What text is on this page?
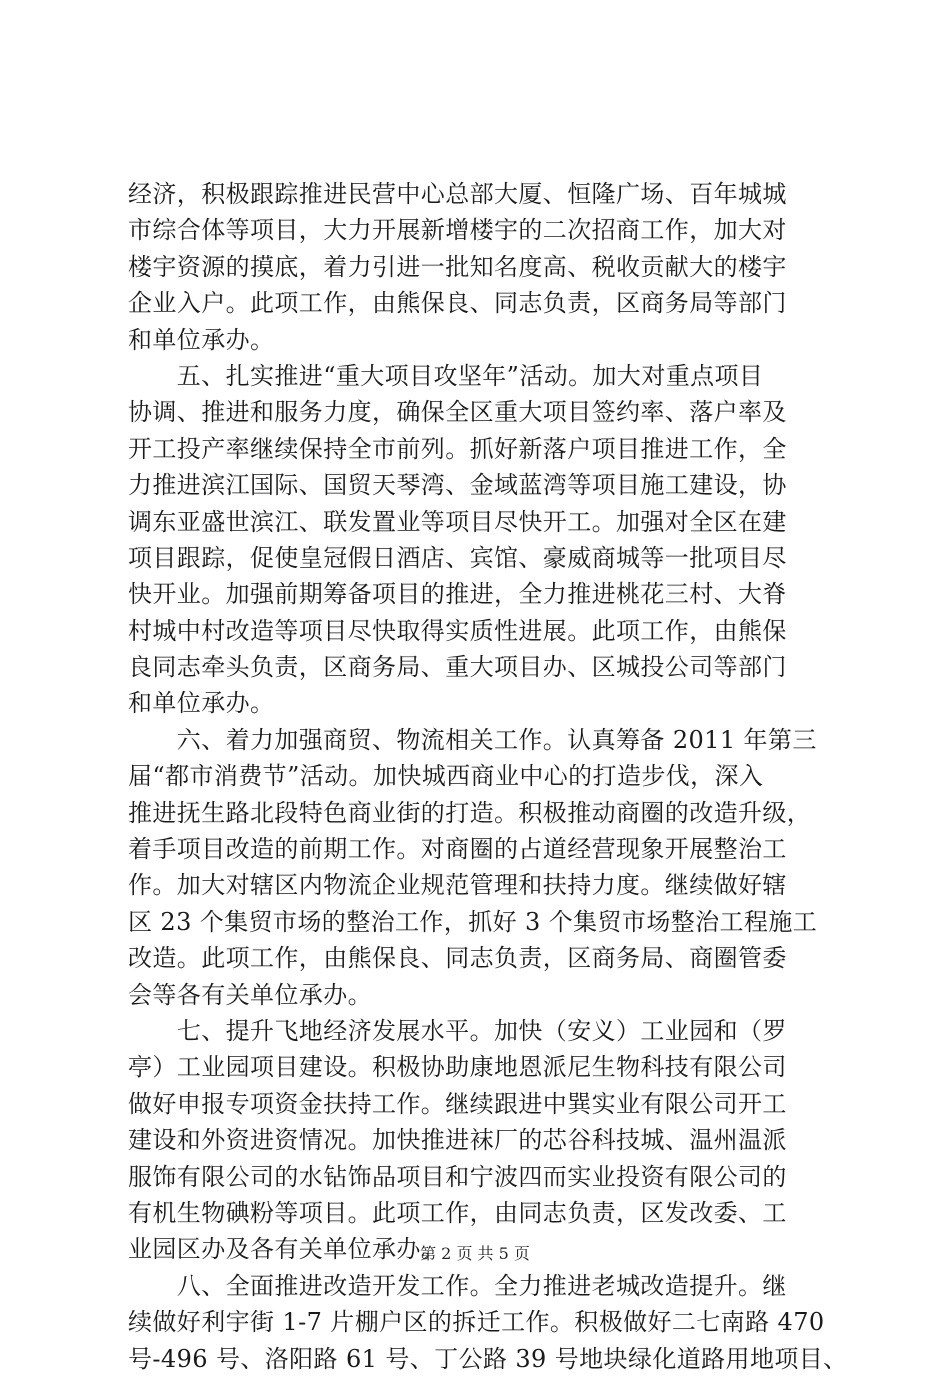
经济，积极跟踪推进民营中心总部大厦、恒隆广场、百年城城
市综合体等项目，大力开展新增楼宇的二次招商工作，加大对
楼宇资源的摸底，着力引进一批知名度高、税收贡献大的楼宇
企业入户。此项工作，由熊保良、同志负责，区商务局等部门
和单位承办。
　　五、扎实推进“重大项目攻坚年”活动。加大对重点项目
协调、推进和服务力度，确保全区重大项目签约率、落户率及
开工投产率继续保持全市前列。抓好新落户项目推进工作，全
力推进滨江国际、国贸天琴湾、金域蓝湾等项目施工建设，协
调东亚盛世滨江、联发置业等项目尽快开工。加强对全区在建
项目跟踪，促使皇冠假日酒店、宾馆、豪威商城等一批项目尽
快开业。加强前期筹备项目的推进，全力推进桃花三村、大脊
村城中村改造等项目尽快取得实质性进展。此项工作，由熊保
良同志牵头负责，区商务局、重大项目办、区城投公司等部门
和单位承办。
　　六、着力加强商贸、物流相关工作。认真筹备 2011 年第三
届“都市消费节”活动。加快城西商业中心的打造步伐，深入
推进抚生路北段特色商业街的打造。积极推动商圈的改造升级，
着手项目改造的前期工作。对商圈的占道经营现象开展整治工
作。加大对辖区内物流企业规范管理和扶持力度。继续做好辖
区 23 个集贸市场的整治工作，抓好 3 个集贸市场整治工程施工
改造。此项工作，由熊保良、同志负责，区商务局、商圈管委
会等各有关单位承办。
　　七、提升飞地经济发展水平。加快（安义）工业园和（罗
亭）工业园项目建设。积极协助康地恩派尼生物科技有限公司
做好申报专项资金扶持工作。继续跟进中巽实业有限公司开工
建设和外资进资情况。加快推进袜厂的芯谷科技城、温州温派
服饰有限公司的水钻饰品项目和宁波四而实业投资有限公司的
有机生物碘粉等项目。此项工作，由同志负责，区发改委、工
业园区办及各有关单位承办。
　　八、全面推进改造开发工作。全力推进老城改造提升。继
续做好利宇街 1-7 片棚户区的拆迁工作。积极做好二七南路 470
号-496 号、洛阳路 61 号、丁公路 39 号地块绿化道路用地项目、
第 2 页 共 5 页
